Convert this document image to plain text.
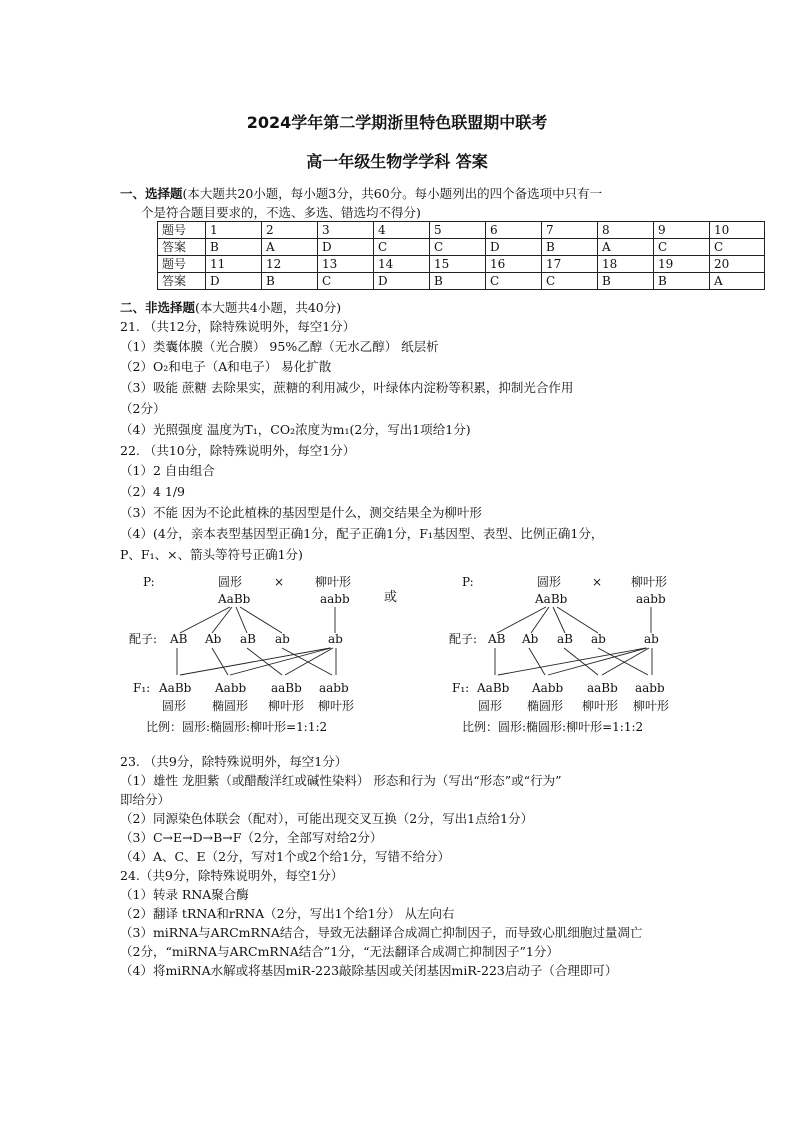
2024学年第二学期浙里特色联盟期中联考
高一年级生物学学科 答案
一、选择题(本大题共20小题，每小题3分，共60分。每小题列出的四个备选项中只有一
个是符合题目要求的，不选、多选、错选均不得分)
题号	1	2	3	4	5	6	7	8	9	10
答案	B	A	D	C	C	D	B	A	C	C
题号	11	12	13	14	15	16	17	18	19	20
答案	D	B	C	D	B	C	C	B	B	A
二、非选择题(本大题共4小题，共40分)
21. （共12分，除特殊说明外，每空1分）
（1）类囊体膜（光合膜） 95%乙醇（无水乙醇） 纸层析
（2）O₂和电子（A和电子） 易化扩散
（3）吸能 蔗糖 去除果实，蔗糖的利用减少，叶绿体内淀粉等积累，抑制光合作用
（2分）
（4）光照强度 温度为T₁，CO₂浓度为m₁(2分，写出1项给1分)
22. （共10分，除特殊说明外，每空1分）
（1）2 自由组合
（2）4 1/9
（3）不能 因为不论此植株的基因型是什么，测交结果全为柳叶形
（4）(4分，亲本表型基因型正确1分，配子正确1分，F₁基因型、表型、比例正确1分，
P、F₁、×、箭头等符号正确1分)
P:	圆形	×	柳叶形
AaBb	aabb
配子: AB Ab aB ab	ab
F₁: AaBb Aabb aaBb aabb
圆形 椭圆形 柳叶形 柳叶形
比例：圆形:椭圆形:柳叶形=1:1:2
或
P:	圆形	× 柳叶形
AaBb	aabb
配子: AB Ab aB ab	ab
F₁: AaBb Aabb aaBb aabb
圆形 椭圆形 柳叶形 柳叶形
比例：圆形:椭圆形:柳叶形=1:1:2
23. （共9分，除特殊说明外，每空1分）
（1）雄性 龙胆紫（或醋酸洋红或碱性染料） 形态和行为（写出“形态”或“行为”
即给分）
（2）同源染色体联会（配对），可能出现交叉互换（2分，写出1点给1分）
（3）C→E→D→B→F（2分，全部写对给2分）
（4）A、C、E（2分，写对1个或2个给1分，写错不给分）
24.（共9分，除特殊说明外，每空1分）
（1）转录 RNA聚合酶
（2）翻译 tRNA和rRNA（2分，写出1个给1分） 从左向右
（3）miRNA与ARCmRNA结合，导致无法翻译合成凋亡抑制因子，而导致心肌细胞过量凋亡
（2分，“miRNA与ARCmRNA结合”1分，“无法翻译合成凋亡抑制因子”1分）
（4）将miRNA水解或将基因miR-223敲除基因或关闭基因miR-223启动子（合理即可）
